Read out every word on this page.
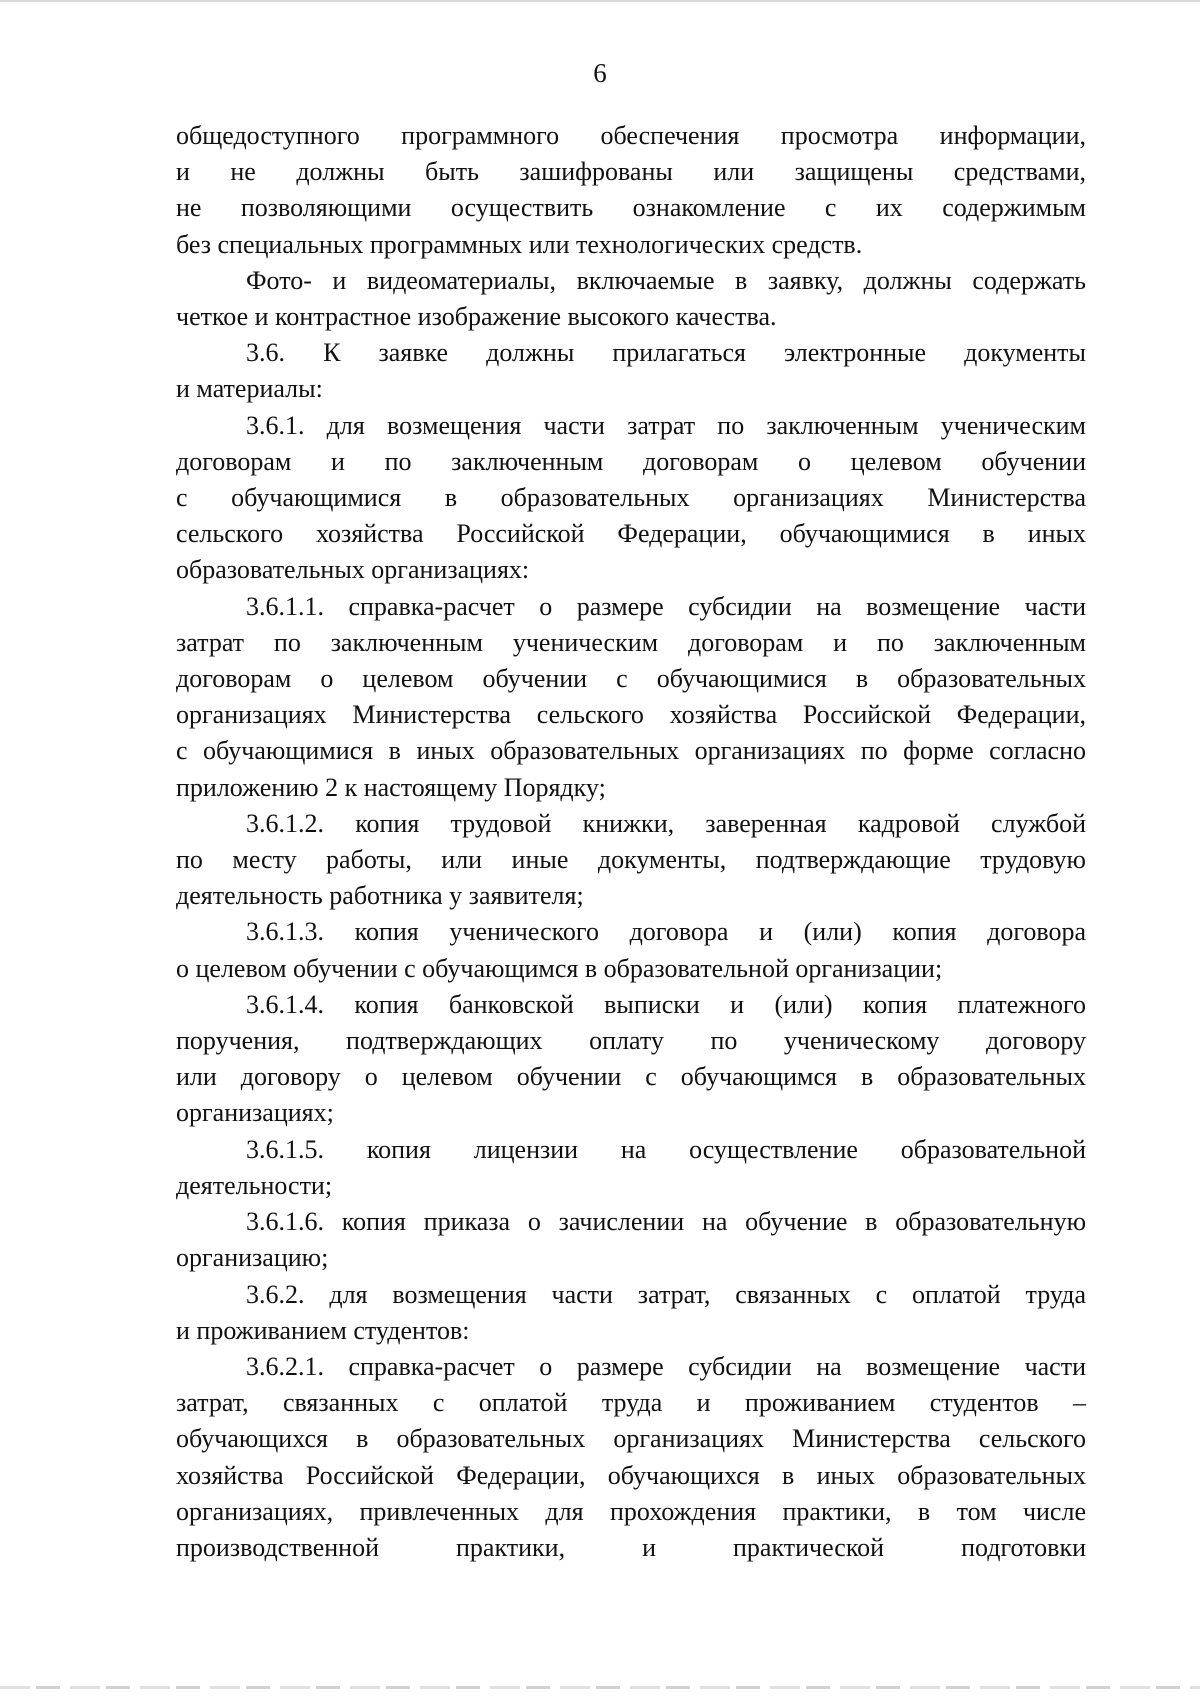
6

общедоступного программного обеспечения просмотра информации,

и не должны быть зашифрованы или защищены средствами,

не позволяющими осуществить ознакомление с их содержимым

без специальных программных или технологических средств.

Фото- и видеоматериалы, включаемые в заявку, должны содержать

четкое и контрастное изображение высокого качества.

3.6. К заявке должны прилагаться электронные документы

и материалы:

3.6.1. для возмещения части затрат по заключенным ученическим

договорам и по заключенным договорам о целевом обучении

с обучающимися в образовательных организациях Министерства

сельского хозяйства Российской Федерации, обучающимися в иных

образовательных организациях:

3.6.1.1. справка-расчет о размере субсидии на возмещение части

затрат по заключенным ученическим договорам и по заключенным

договорам о целевом обучении с обучающимися в образовательных

организациях Министерства сельского хозяйства Российской Федерации,

с обучающимися в иных образовательных организациях по форме согласно

приложению 2 к настоящему Порядку;

3.6.1.2. копия трудовой книжки, заверенная кадровой службой

по месту работы, или иные документы, подтверждающие трудовую

деятельность работника у заявителя;

3.6.1.3. копия ученического договора и (или) копия договора

о целевом обучении с обучающимся в образовательной организации;

3.6.1.4. копия банковской выписки и (или) копия платежного

поручения, подтверждающих оплату по ученическому договору

или договору о целевом обучении с обучающимся в образовательных

организациях;

3.6.1.5. копия лицензии на осуществление образовательной

деятельности;

3.6.1.6. копия приказа о зачислении на обучение в образовательную

организацию;

3.6.2. для возмещения части затрат, связанных с оплатой труда

и проживанием студентов:

3.6.2.1. справка-расчет о размере субсидии на возмещение части

затрат, связанных с оплатой труда и проживанием студентов –

обучающихся в образовательных организациях Министерства сельского

хозяйства Российской Федерации, обучающихся в иных образовательных

организациях, привлеченных для прохождения практики, в том числе

производственной практики, и практической подготовки
